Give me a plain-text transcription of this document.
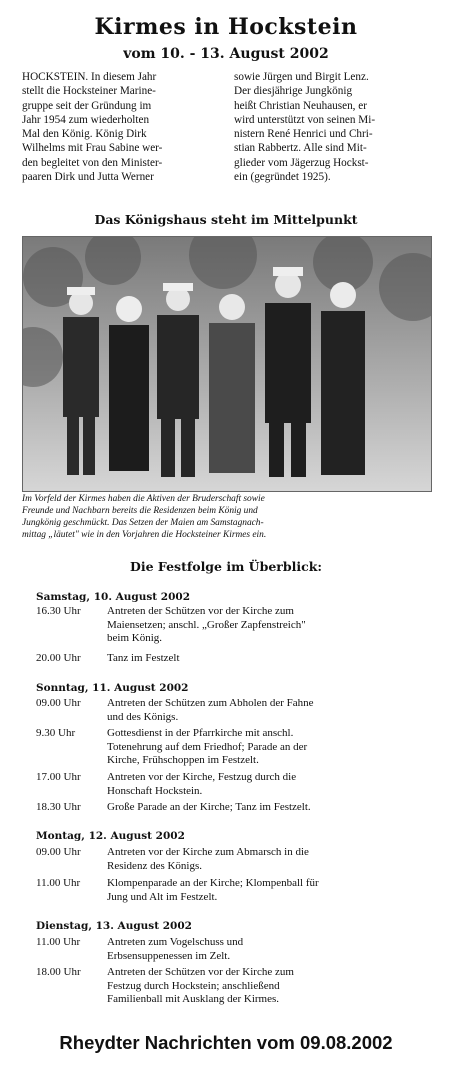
Kirmes in Hockstein
vom 10. - 13. August 2002
HOCKSTEIN. In diesem Jahr
stellt die Hocksteiner Marine-
gruppe seit der Gründung im
Jahr 1954 zum wiederholten
Mal den König. König Dirk
Wilhelms mit Frau Sabine wer-
den begleitet von den Minister-
paaren Dirk und Jutta Werner
sowie Jürgen und Birgit Lenz.
Der diesjährige Jungkönig
heißt Christian Neuhausen, er
wird unterstützt von seinen Mi-
nistern René Henrici und Chri-
stian Rabbertz. Alle sind Mit-
glieder vom Jägerzug Hockst-
ein (gegründet 1925).
Das Königshaus steht im Mittelpunkt
Im Vorfeld der Kirmes haben die Aktiven der Bruderschaft sowie
Freunde und Nachbarn bereits die Residenzen beim König und
Jungkönig geschmückt. Das Setzen der Maien am Samstagnach-
mittag „läutet" wie in den Vorjahren die Hocksteiner Kirmes ein.
Die Festfolge im Überblick:
Samstag, 10. August 2002
16.30 Uhr Antreten der Schützen vor der Kirche zum
Maiensetzen; anschl. „Großer Zapfenstreich"
beim König.
20.00 Uhr Tanz im Festzelt
Sonntag, 11. August 2002
09.00 Uhr Antreten der Schützen zum Abholen der Fahne
und des Königs.
9.30 Uhr	Gottesdienst in der Pfarrkirche mit anschl.
Totenehrung auf dem Friedhof; Parade an der
Kirche, Frühschoppen im Festzelt.
17.00 Uhr Antreten vor der Kirche, Festzug durch die
Honschaft Hockstein.
18.30 Uhr Große Parade an der Kirche; Tanz im Festzelt.
Montag, 12. August 2002
09.00 Uhr Antreten vor der Kirche zum Abmarsch in die
Residenz des Königs.
11.00 Uhr Klompenparade an der Kirche; Klompenball für
Jung und Alt im Festzelt.
Dienstag, 13. August 2002
11.00 Uhr Antreten zum Vogelschuss und
Erbsensuppenessen im Zelt.
18.00 Uhr Antreten der Schützen vor der Kirche zum
Festzug durch Hockstein; anschließend
Familienball mit Ausklang der Kirmes.
Rheydter Nachrichten vom 09.08.2002
